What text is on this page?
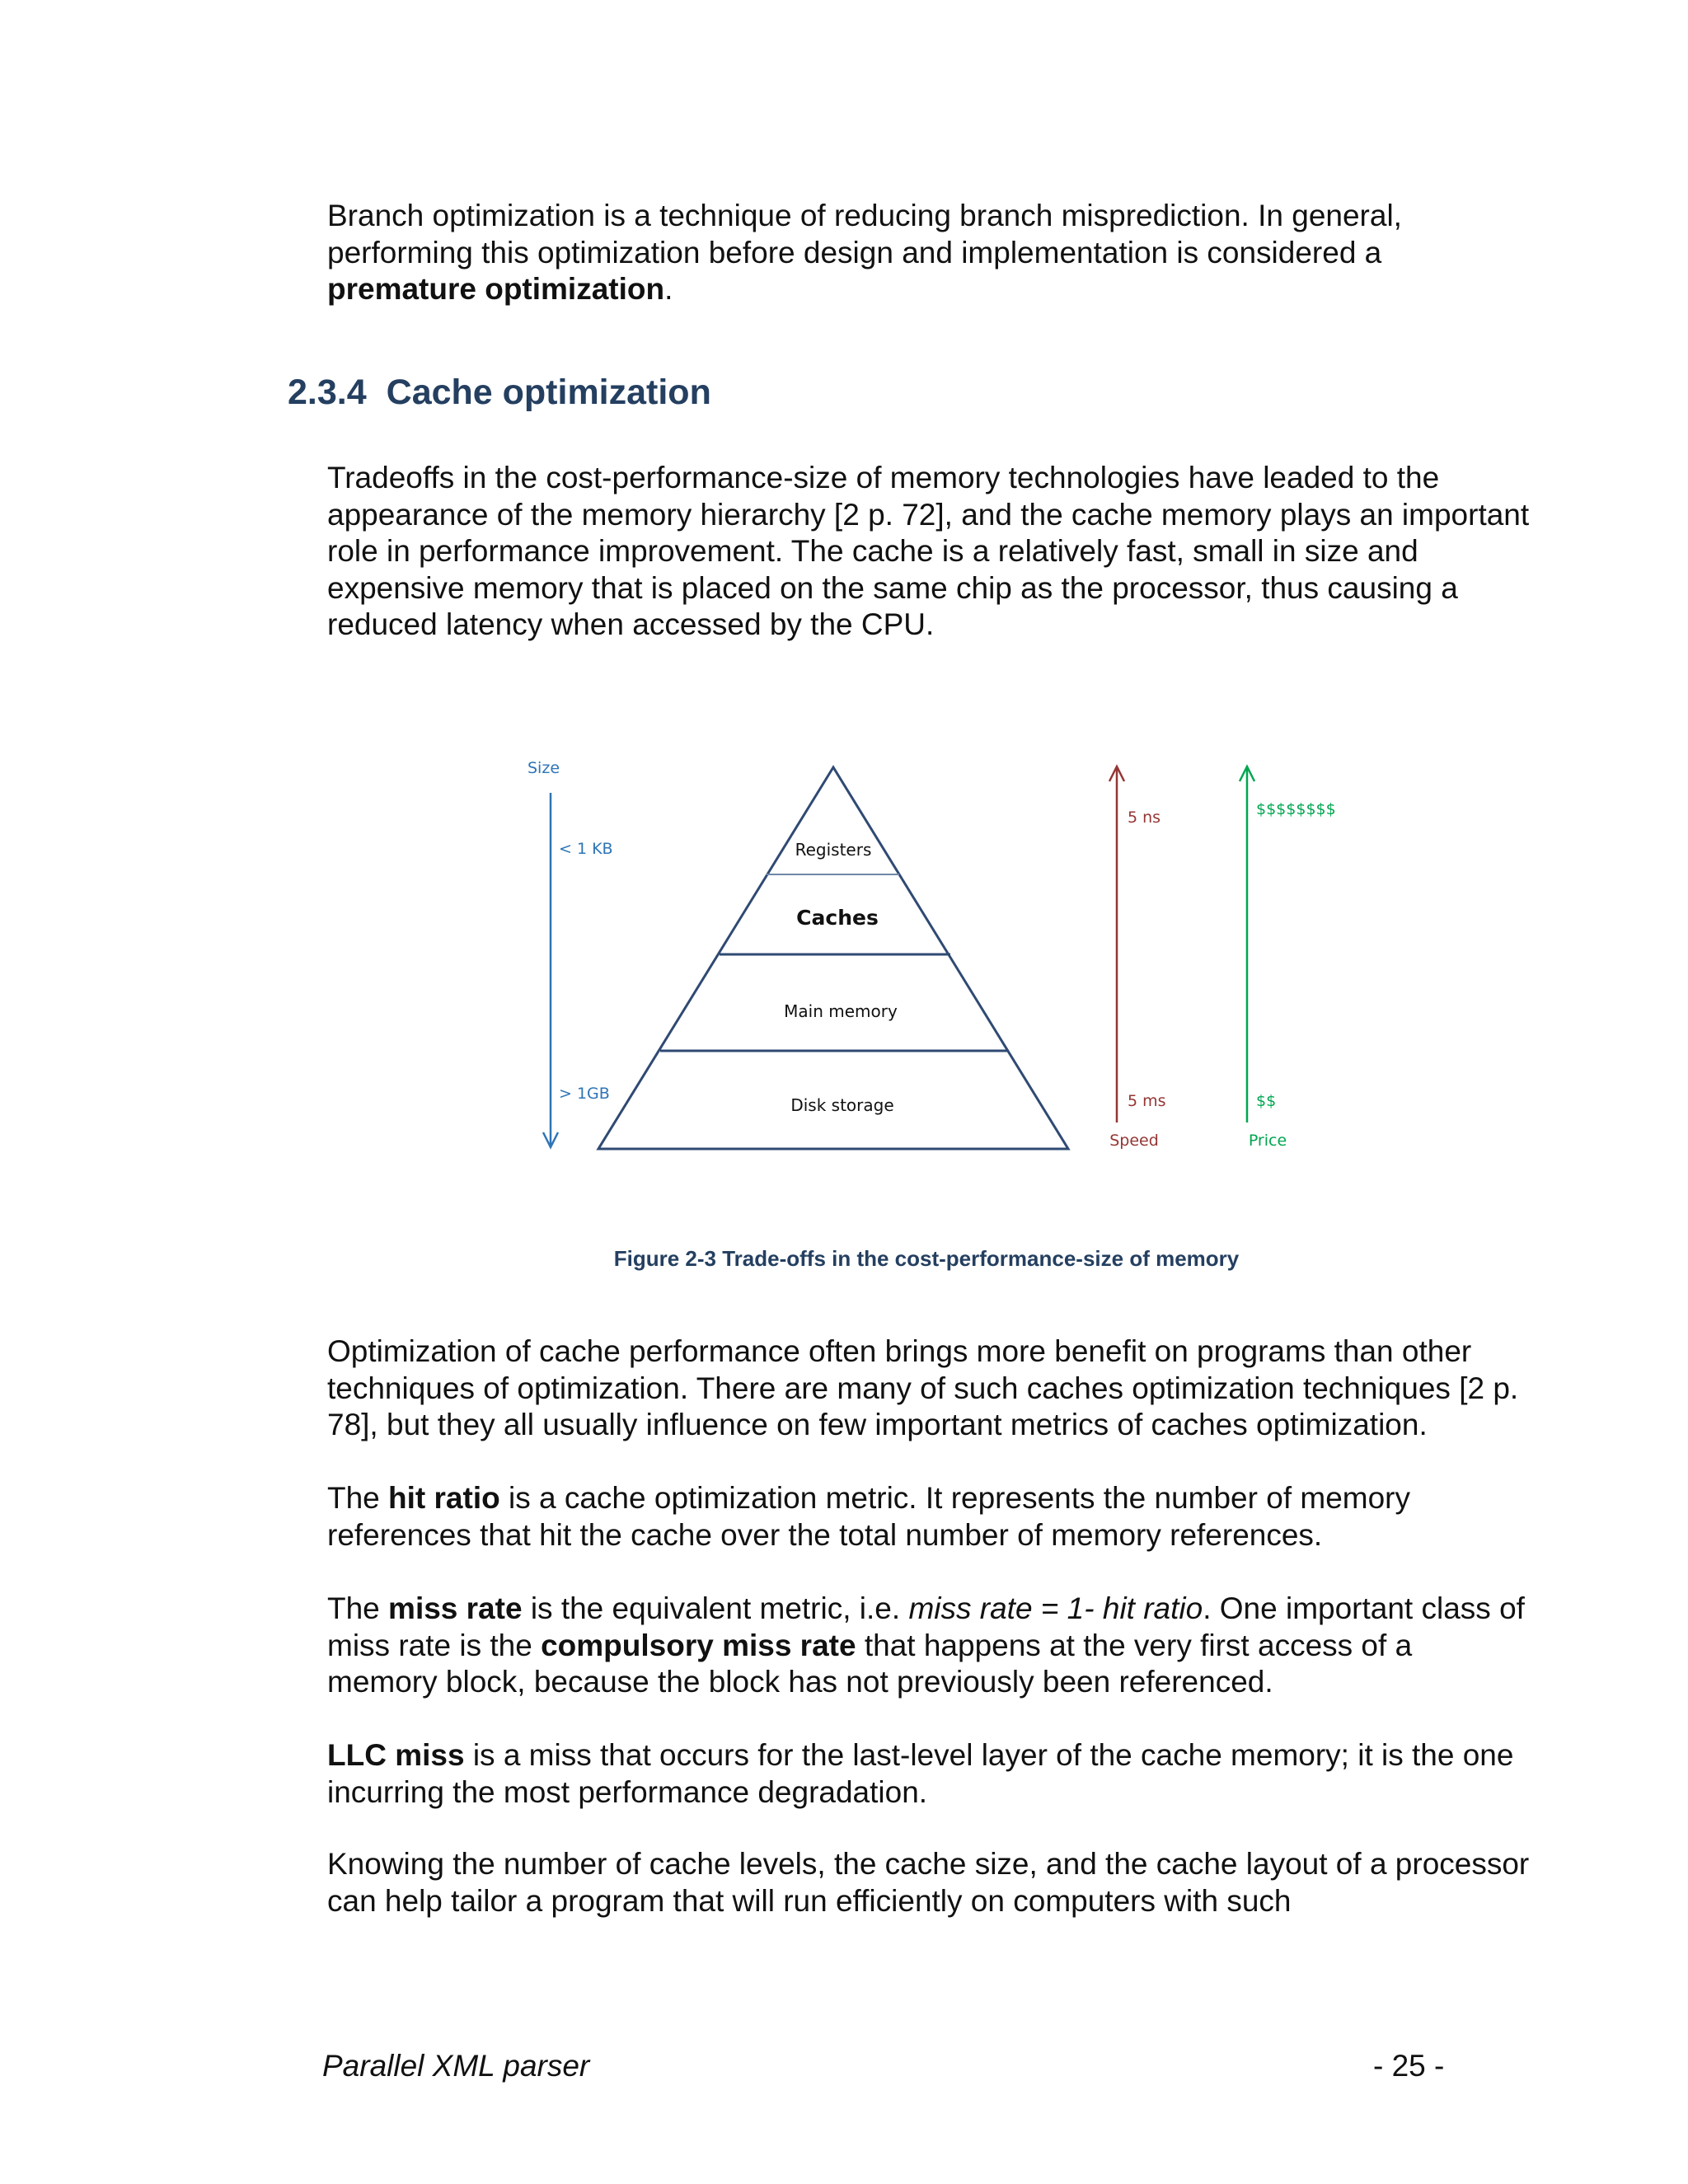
Branch optimization is a technique of reducing branch misprediction. In general, performing this optimization before design and implementation is considered a premature optimization.

2.3.4 Cache optimization

Tradeoffs in the cost-performance-size of memory technologies have leaded to the appearance of the memory hierarchy [2 p. 72], and the cache memory plays an important role in performance improvement. The cache is a relatively fast, small in size and expensive memory that is placed on the same chip as the processor, thus causing a reduced latency when accessed by the CPU.

Size
< 1 KB
> 1GB
Registers
Caches
Main memory
Disk storage
5 ns
5 ms
Speed
$$$$$$$$
$$
Price

Figure 2-3 Trade-offs in the cost-performance-size of memory

Optimization of cache performance often brings more benefit on programs than other techniques of optimization. There are many of such caches optimization techniques [2 p. 78], but they all usually influence on few important metrics of caches optimization.

The hit ratio is a cache optimization metric. It represents the number of memory references that hit the cache over the total number of memory references.

The miss rate is the equivalent metric, i.e. miss rate = 1- hit ratio. One important class of miss rate is the compulsory miss rate that happens at the very first access of a memory block, because the block has not previously been referenced.

LLC miss is a miss that occurs for the last-level layer of the cache memory; it is the one incurring the most performance degradation.

Knowing the number of cache levels, the cache size, and the cache layout of a processor can help tailor a program that will run efficiently on computers with such

Parallel XML parser	- 25 -
